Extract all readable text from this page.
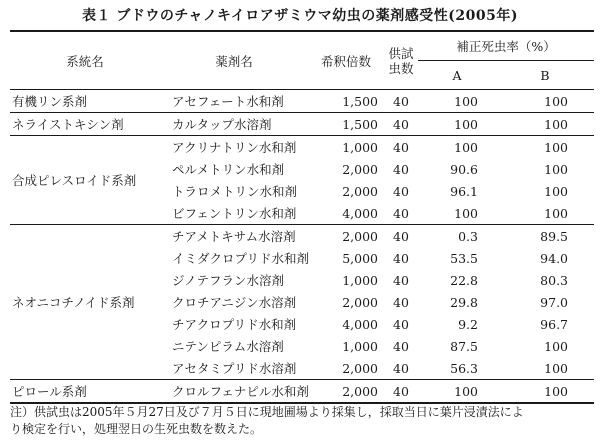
表１ ブドウのチャノキイロアザミウマ幼虫の薬剤感受性(2005年)
系統名	薬剤名	希釈倍数	供試
虫数	補正死虫率（%）	
				A	B
有機リン系剤	アセフェート水和剤	1,500	40	100	100
ネライストキシン剤	カルタップ水溶剤	1,500	40	100	100
合成ピレスロイド系剤	アクリナトリン水和剤	1,000	40	100	100
	ペルメトリン水和剤	2,000	40	90.6	100
	トラロメトリン水和剤	2,000	40	96.1	100
	ビフェントリン水和剤	4,000	40	100	100
ネオニコチノイド系剤	チアメトキサム水溶剤	2,000	40	0.3	89.5
	イミダクロプリド水和剤	5,000	40	53.5	94.0
	ジノテフラン水溶剤	1,000	40	22.8	80.3
	クロチアニジン水溶剤	2,000	40	29.8	97.0
	チアクロプリド水和剤	4,000	40	9.2	96.7
	ニテンピラム水溶剤	1,000	40	87.5	100
	アセタミプリド水溶剤	2,000	40	56.3	100
ピロール系剤	クロルフェナピル水和剤	2,000	40	100	100
注）供試虫は2005年５月27日及び７月５日に現地圃場より採集し，採取当日に葉片浸漬法によ
り検定を行い，処理翌日の生死虫数を数えた。
